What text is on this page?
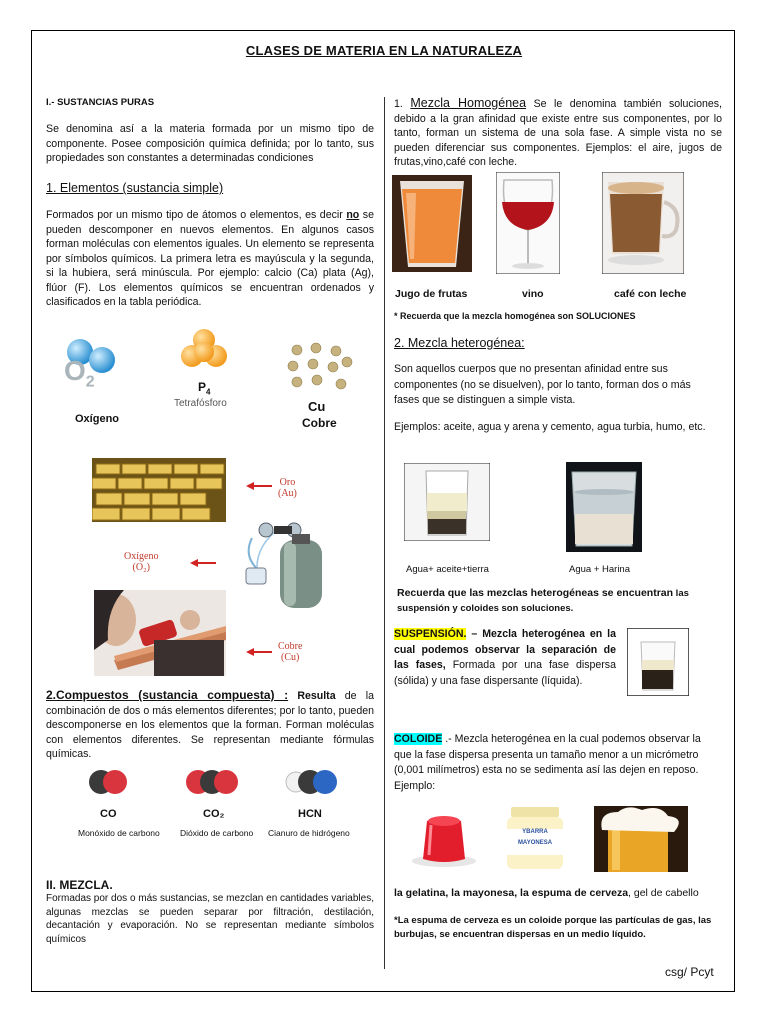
CLASES DE MATERIA EN LA NATURALEZA
I.- SUSTANCIAS PURAS
Se denomina así a la materia formada por un mismo tipo de componente. Posee composición química definida; por lo tanto, sus propiedades son constantes a determinadas condiciones
1. Elementos (sustancia simple)
Formados por un mismo tipo de átomos o elementos, es decir no se pueden descomponer en nuevos elementos. En algunos casos forman moléculas con elementos iguales. Un elemento se representa por símbolos químicos. La primera letra es mayúscula y la segunda, si la hubiera, será minúscula. Por ejemplo: calcio (Ca) plata (Ag), flúor (F). Los elementos químicos se encuentran ordenados y clasificados en la tabla periódica.
$O_2$
Oxígeno
$P_4$
Tetrafósforo	Cu
Cobre
Oro
(Au)
Oxígeno
(O₂)
Cobre
(Cu)
2.Compuestos (sustancia compuesta) : Resulta de la combinación de dos o más elementos diferentes; por lo tanto, pueden descomponerse en los elementos que la forman. Forman moléculas con elementos diferentes. Se representan mediante fórmulas químicas.
CO	CO₂	HCN
Monóxido de carbono Dióxido de carbono Cianuro de hidrógeno
II. MEZCLA.
Formadas por dos o más sustancias, se mezclan en cantidades variables, algunas mezclas se pueden separar por filtración, destilación, decantación y evaporación. No se representan mediante símbolos químicos
1. Mezcla Homogénea Se le denomina también soluciones, debido a la gran afinidad que existe entre sus componentes, por lo tanto, forman un sistema de una sola fase. A simple vista no se pueden diferenciar sus componentes. Ejemplos: el aire, jugos de frutas,vino,café con leche.
Jugo de frutas	vino	café con leche
* Recuerda que la mezcla homogénea son SOLUCIONES
2. Mezcla heterogénea:
Son aquellos cuerpos que no presentan afinidad entre sus componentes (no se disuelven), por lo tanto, forman dos o más fases que se distinguen a simple vista.
Ejemplos: aceite, agua y arena y cemento, agua turbia, humo, etc.
Agua+ aceite+tierra	Agua + Harina
Recuerda que las mezclas heterogéneas se encuentran las suspensión y coloides son soluciones.
SUSPENSIÓN. – Mezcla heterogénea en la cual podemos observar la separación de las fases, Formada por una fase dispersa (sólida) y una fase dispersante (líquida).
COLOIDE .- Mezcla heterogénea en la cual podemos observar la que la fase dispersa presenta un tamaño menor a un micrómetro (0,001 milímetros) esta no se sedimenta así las dejen en reposo. Ejemplo:
YBARRA
MAYONESA
la gelatina, la mayonesa, la espuma de cerveza, gel de cabello
*La espuma de cerveza es un coloide porque las partículas de gas, las burbujas, se encuentran dispersas en un medio líquido.
csg/ Pcyt
